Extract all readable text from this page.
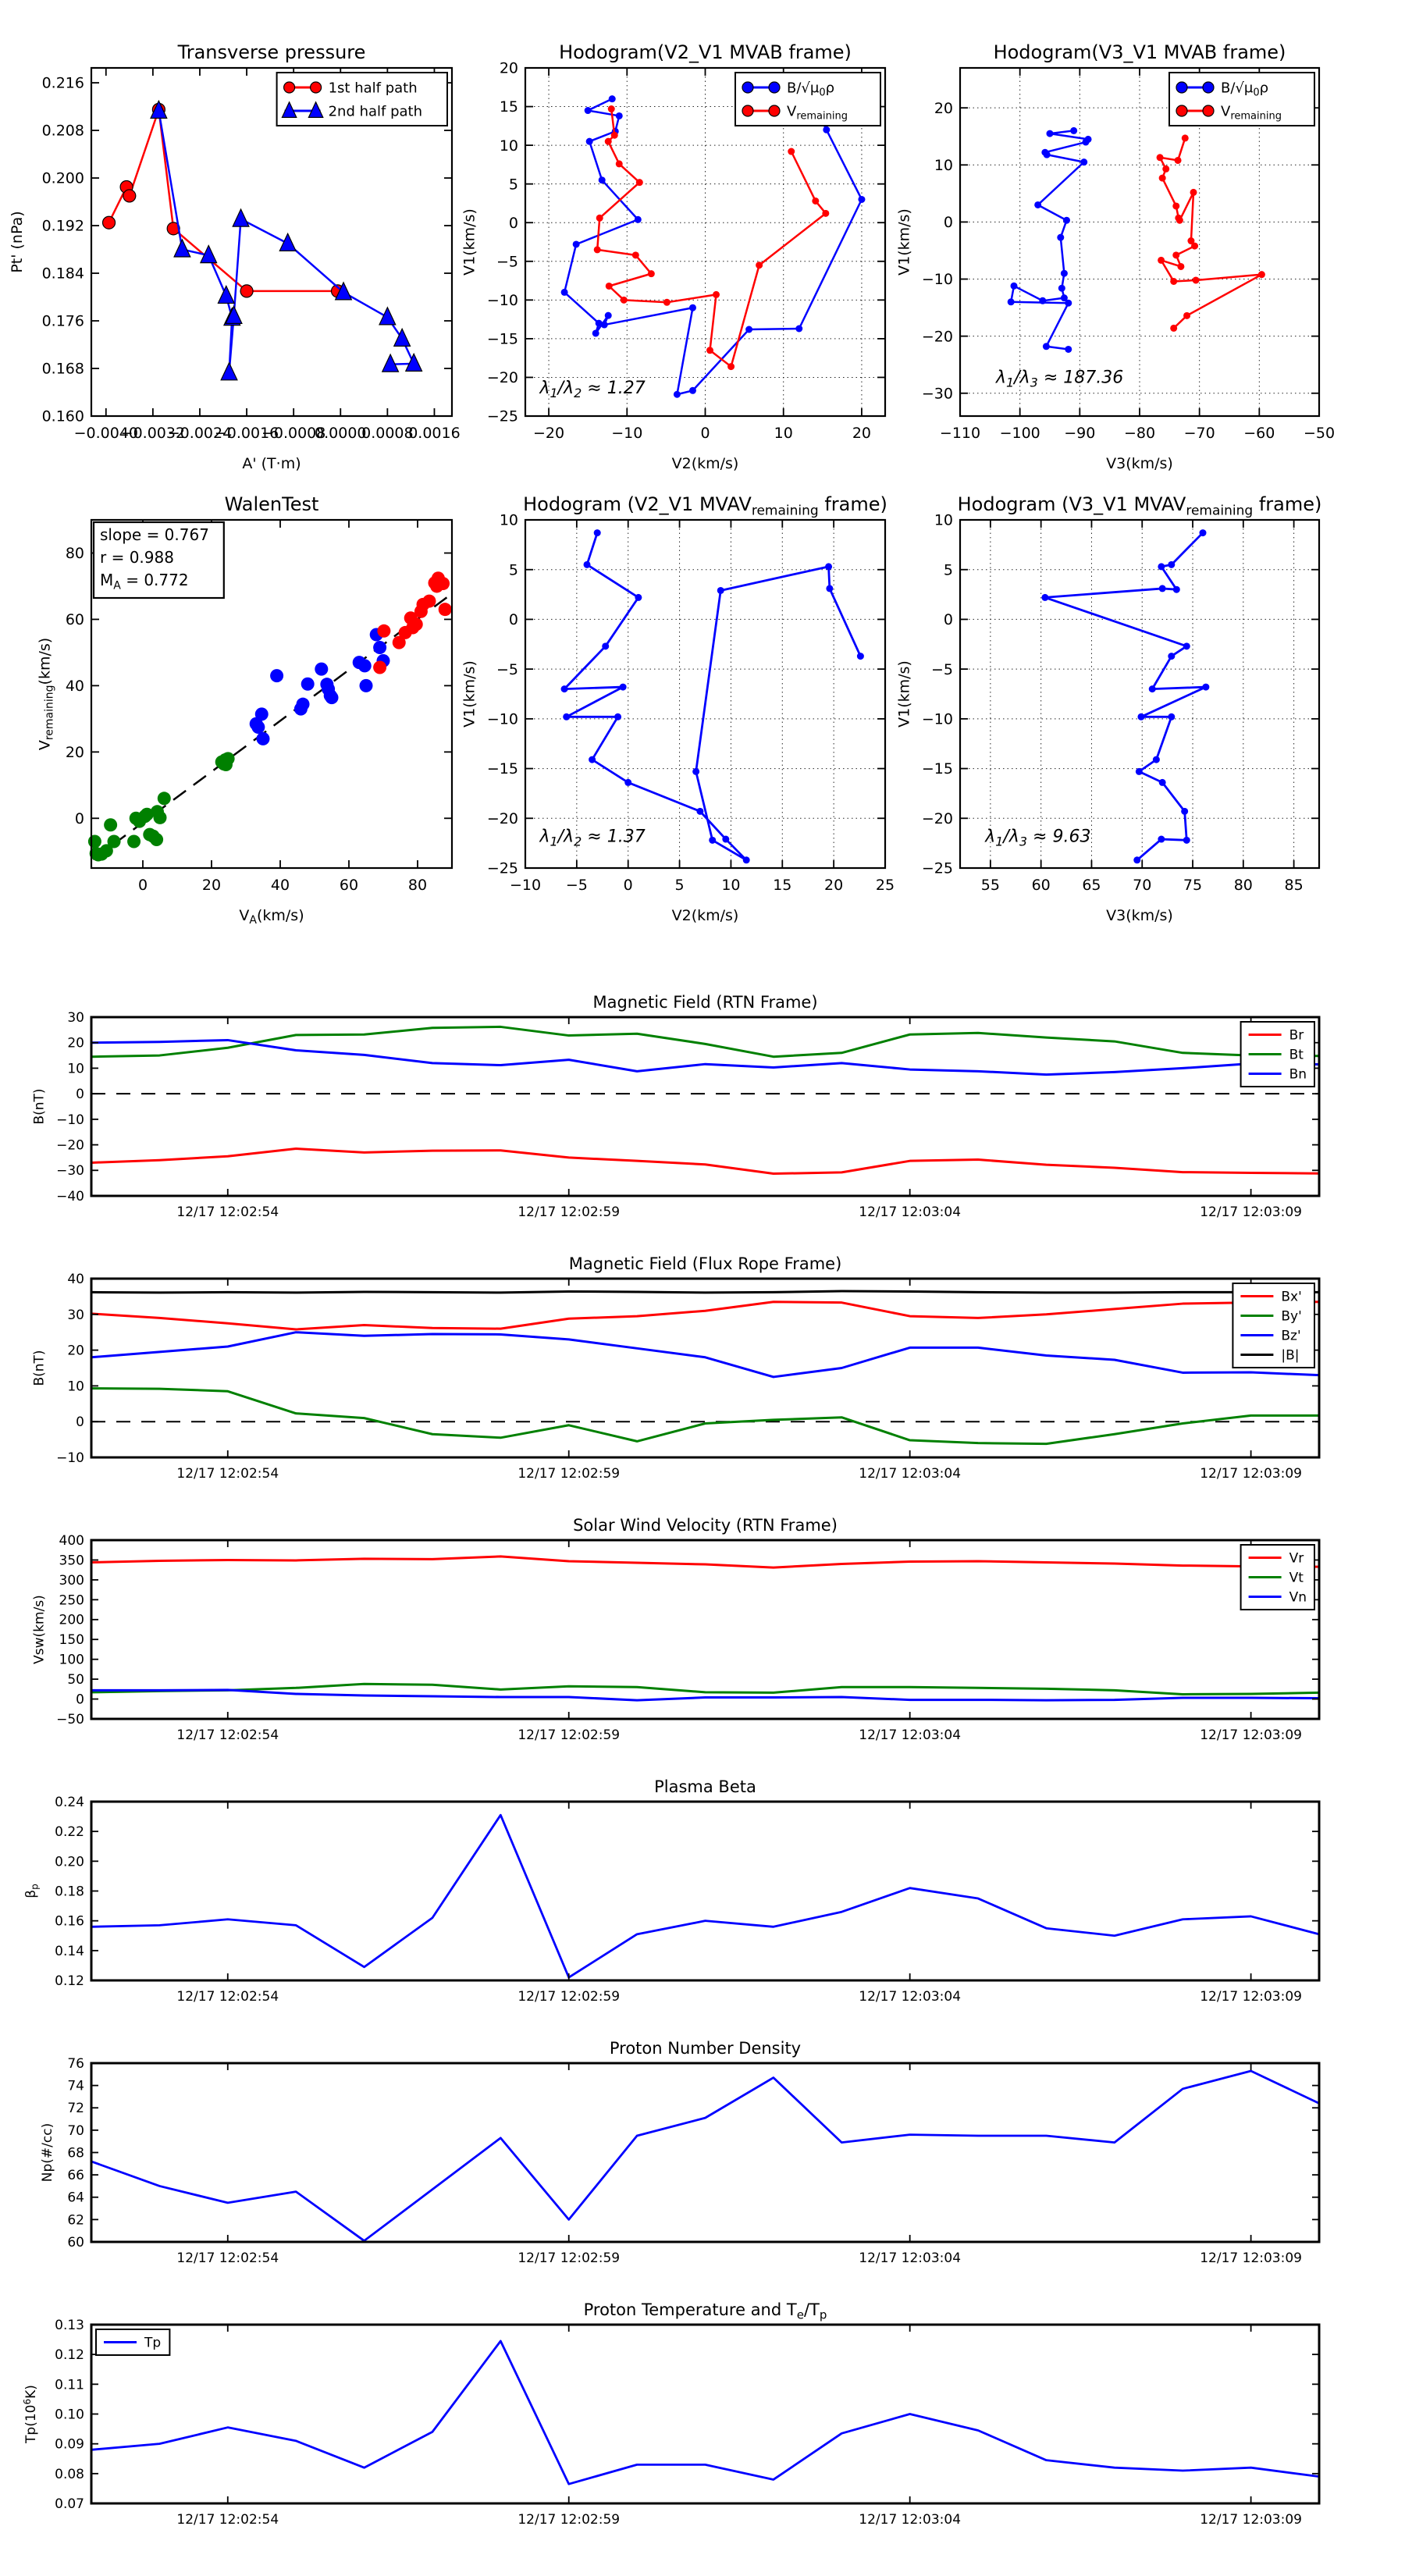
Transverse pressure
−0.0040
−0.0032
−0.0024
−0.0016
−0.0008
0.0000
0.0008
0.0016
0.160
0.168
0.176
0.184
0.192
0.200
0.208
0.216
A' (T·m)
Pt' (nPa)
1st half path
2nd half path
Hodogram(V2_V1 MVAB frame)
−20	−10	0	10	20
−25
−20
−15
−10
−5
0
5
10
15
20
V2(km/s)
V1(km/s)
$\lambda_1/\lambda_2 \approx 1.27$
$B/√\mu_0\rho$
$V_{remaining}$
Hodogram(V3_V1 MVAB frame)
−110 −100 −90 −80 −70 −60 −50
−30
−20
−10
0
10
20
V3(km/s)
V1(km/s)
$\lambda_1/\lambda_3 \approx 187.36$
$B/√\mu_0\rho$
$V_{remaining}$
WalenTest
0	20	40	60	80
0
20
40
60
80
$V_A(km/s)$
$V_{remaining}(km/s)$
slope = 0.767
r = 0.988
$M_A = 0.772$
Hodogram (V2_V1 $MVAV_{remaining}$ frame)
−10 −5 0	5	10 15 20 25
−25
−20
−15
−10
−5
0
5
10
V2(km/s)
V1(km/s)
$\lambda_1/\lambda_2 \approx 1.37$
Hodogram (V3_V1 $MVAV_{remaining}$ frame)
55 60 65 70 75 80 85
−25
−20
−15
−10
−5
0
5
10
V3(km/s)
V1(km/s)
$\lambda_1/\lambda_3 \approx 9.63$
Magnetic Field (RTN Frame)
12/17 12:02:54	12/17 12:02:59	12/17 12:03:04	12/17 12:03:09
−40
−30
−20
−10
0
10
20
30
B(nT)
Br
Bt
Bn
Magnetic Field (Flux Rope Frame)
12/17 12:02:54	12/17 12:02:59	12/17 12:03:04	12/17 12:03:09
−10
0
10
20
30
40
B(nT)
Bx'
By'
Bz'
|B|
Solar Wind Velocity (RTN Frame)
12/17 12:02:54	12/17 12:02:59	12/17 12:03:04	12/17 12:03:09
−50
0
50
100
150
200
250
300
350
400
Vsw(km/s)
Vr
Vt
Vn
Plasma Beta
12/17 12:02:54	12/17 12:02:59	12/17 12:03:04	12/17 12:03:09
0.12
0.14
0.16
0.18
0.20
0.22
0.24
$\beta_p$
Proton Number Density
12/17 12:02:54	12/17 12:02:59	12/17 12:03:04	12/17 12:03:09
60
62
64
66
68
70
72
74
76
Np(#/cc)
Proton Temperature and $T_e/T_p$
12/17 12:02:54	12/17 12:02:59	12/17 12:03:04	12/17 12:03:09
0.07
0.08
0.09
0.10
0.11
0.12
0.13
$Tp(10^6K)$
Tp
